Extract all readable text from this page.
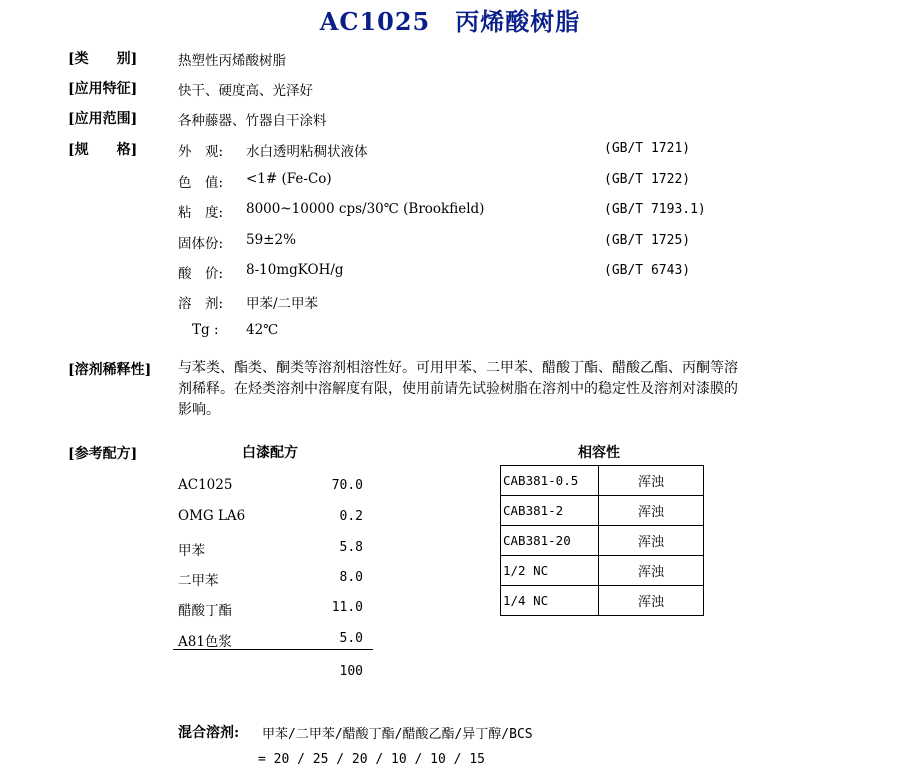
AC1025　丙烯酸树脂
[类　　别]	热塑性丙烯酸树脂
[应用特征]	快干、硬度高、光泽好
[应用范围]	各种藤器、竹器自干涂料
[规　　格]	外　观: 水白透明粘稠状液体	(GB/T 1721)
色　值: <1# (Fe-Co)	(GB/T 1722)
粘　度: 8000~10000 cps/30℃ (Brookfield)	(GB/T 7193.1)
固体份: 59±2%	(GB/T 1725)
酸　价: 8-10mgKOH/g	(GB/T 6743)
溶　剂: 甲苯/二甲苯
Tg : 42℃
[溶剂稀释性] 与苯类、酯类、酮类等溶剂相溶性好。可用甲苯、二甲苯、醋酸丁酯、醋酸乙酯、丙酮等溶剂稀释。在烃类溶剂中溶解度有限，使用前请先试验树脂在溶剂中的稳定性及溶剂对漆膜的影响。
[参考配方]	白漆配方
AC1025	70.0
OMG LA6	0.2
甲苯	5.8
二甲苯	8.0
醋酸丁酯	11.0
A81色浆	5.0
100
相容性
CAB381-0.5	浑浊
CAB381-2	浑浊
CAB381-20	浑浊
1/2 NC	浑浊
1/4 NC	浑浊
混合溶剂: 甲苯/二甲苯/醋酸丁酯/醋酸乙酯/异丁醇/BCS
= 20 / 25 / 20 / 10 / 10 / 15
